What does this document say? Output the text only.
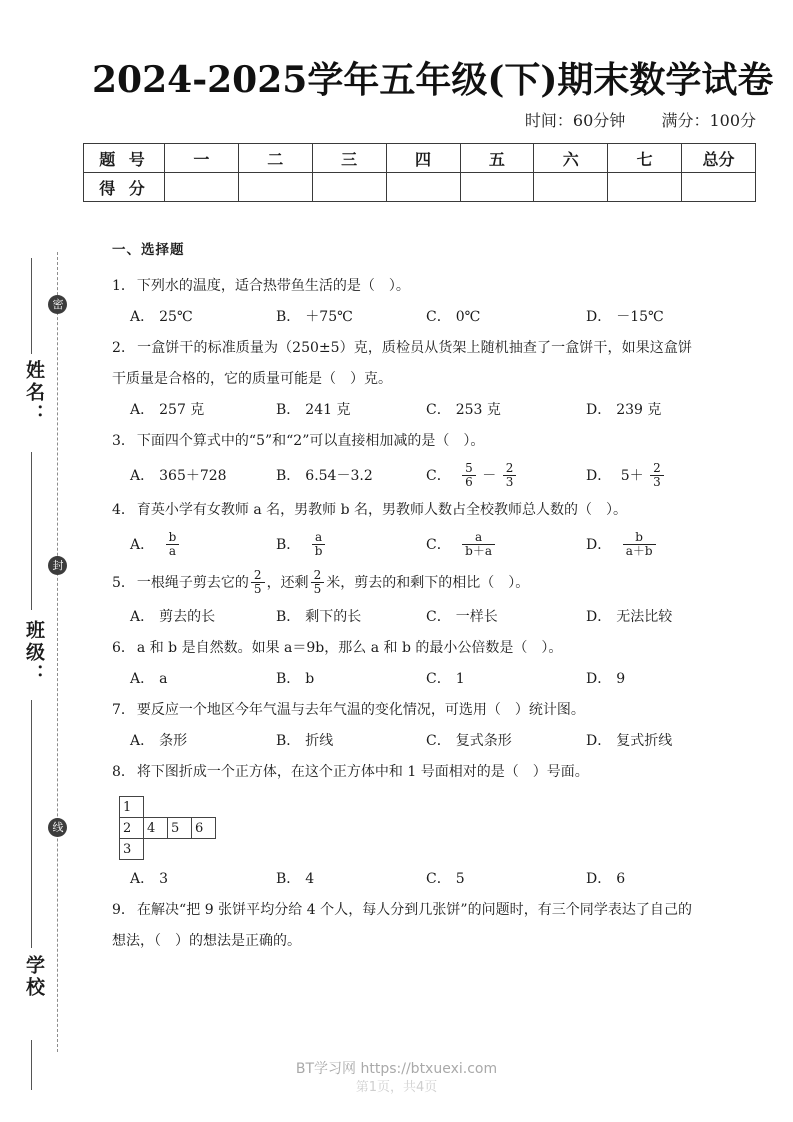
密
封
线
姓名：
班级：
学校
2024-2025学年五年级(下)期末数学试卷
时间：60分钟 满分：100分
题 号	一	二	三	四	五	六	七	总分
得 分								
一、选择题

1． 下列水的温度，适合热带鱼生活的是（　）。

A． 25℃	B． ＋75℃	C． 0℃	D． －15℃

2． 一盒饼干的标准质量为（250±5）克，质检员从货架上随机抽查了一盒饼干，如果这盒饼干质量是合格的，它的质量可能是（　）克。

A． 257 克	B． 241 克	C． 253 克	D． 239 克

3． 下面四个算式中的“5”和“2”可以直接相加减的是（　）。

A． 365＋728	B． 6.54－3.2	C． $\frac{5}{6} - \frac{2}{3}$	D． $5+ \frac{2}{3}$

4． 育英小学有女教师 a 名，男教师 b 名，男教师人数占全校教师总人数的（　）。

A． $\frac{b}{a}$	B． $\frac{a}{b}$	C． $\frac{a}{b+a}$	D． $\frac{b}{a+b}$

5． 一根绳子剪去它的 $\frac{2}{5}$ ，还剩 $\frac{2}{5}$ 米，剪去的和剩下的相比（　）。

A． 剪去的长	B． 剩下的长	C． 一样长	D． 无法比较

6． a 和 b 是自然数。如果 a＝9b，那么 a 和 b 的最小公倍数是（　）。

A． a	B． b	C． 1	D． 9

7． 要反应一个地区今年气温与去年气温的变化情况，可选用（　）统计图。

A． 条形	B． 折线	C． 复式条形	D． 复式折线

8． 将下图折成一个正方体，在这个正方体中和 1 号面相对的是（　）号面。

1
2	4	5	6
3
A． 3	B． 4	C． 5	D． 6

9． 在解决“把 9 张饼平均分给 4 个人，每人分到几张饼”的问题时，有三个同学表达了自己的想法，（　）的想法是正确的。

BT学习网 https://btxuexi.com
第1页，共4页
